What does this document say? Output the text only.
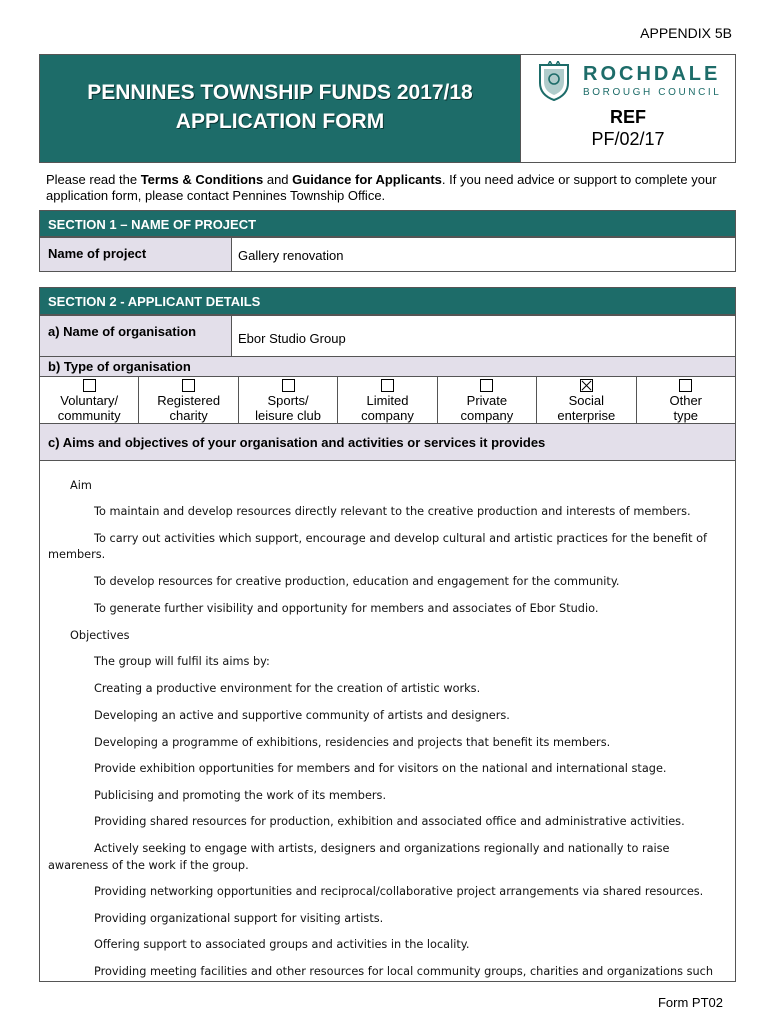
APPENDIX 5B
PENNINES TOWNSHIP FUNDS 2017/18
APPLICATION FORM
ROCHDALE
BOROUGH COUNCIL
REF
PF/02/17
Please read the Terms & Conditions and Guidance for Applicants. If you need advice or support to complete your application form, please contact Pennines Township Office.
SECTION 1 – NAME OF PROJECT
Name of project	Gallery renovation
SECTION 2 - APPLICANT DETAILS
a) Name of organisation	Ebor Studio Group
b) Type of organisation
Voluntary/
community
Registered
charity
Sports/
leisure club
Limited
company
Private
company
Social
enterprise
Other
type
c) Aims and objectives of your organisation and activities or services it provides
Aim
To maintain and develop resources directly relevant to the creative production and interests of members.
To carry out activities which support, encourage and develop cultural and artistic practices for the benefit of
members.
To develop resources for creative production, education and engagement for the community.
To generate further visibility and opportunity for members and associates of Ebor Studio.
Objectives
The group will fulfil its aims by:
Creating a productive environment for the creation of artistic works.
Developing an active and supportive community of artists and designers.
Developing a programme of exhibitions, residencies and projects that benefit its members.
Provide exhibition opportunities for members and for visitors on the national and international stage.
Publicising and promoting the work of its members.
Providing shared resources for production, exhibition and associated office and administrative activities.
Actively seeking to engage with artists, designers and organizations regionally and nationally to raise
awareness of the work if the group.
Providing networking opportunities and reciprocal/collaborative project arrangements via shared resources.
Providing organizational support for visiting artists.
Offering support to associated groups and activities in the locality.
Providing meeting facilities and other resources for local community groups, charities and organizations such
Form PT02
